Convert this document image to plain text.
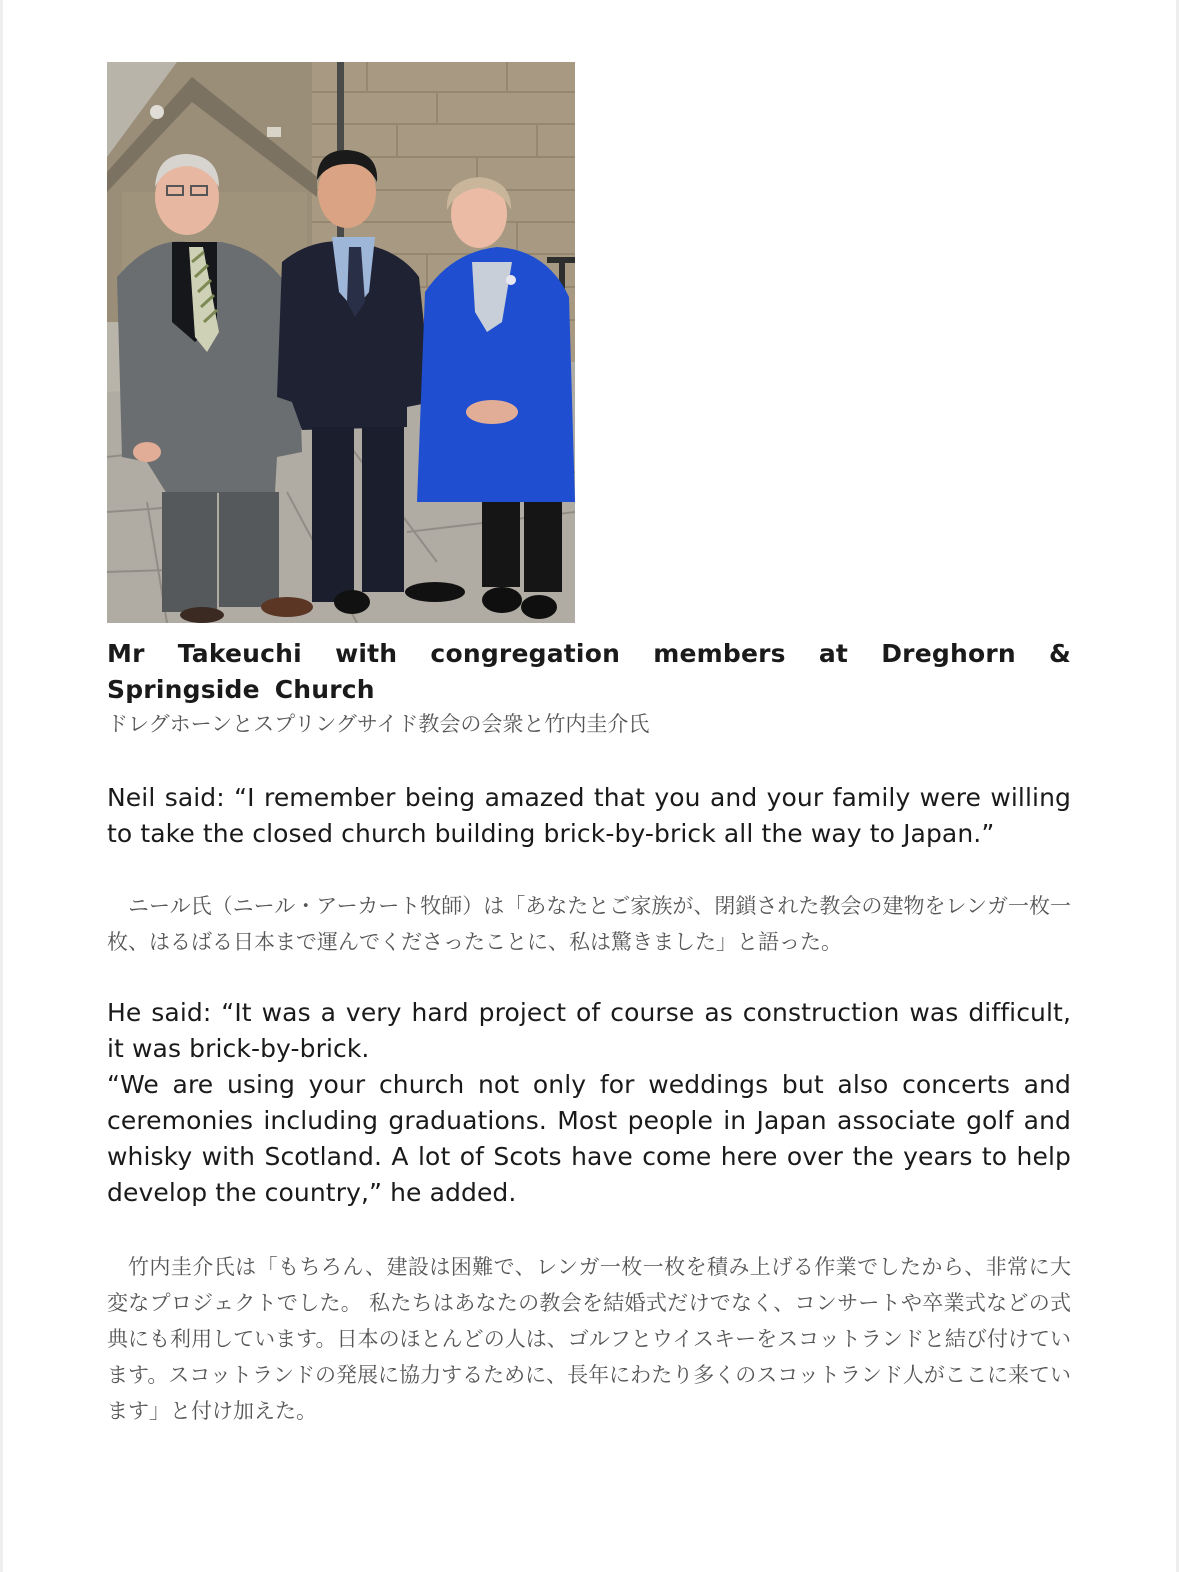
Mr Takeuchi with congregation members at Dreghorn & Springside Church
ドレグホーンとスプリングサイド教会の会衆と竹内圭介氏

Neil said: “I remember being amazed that you and your family were willing to take the closed church building brick-by-brick all the way to Japan.”

ニール氏（ニール・アーカート牧師）は「あなたとご家族が、閉鎖された教会の建物をレンガ一枚一枚、はるばる日本まで運んでくださったことに、私は驚きました」と語った。

He said: “It was a very hard project of course as construction was difficult, it was brick-by-brick.

“We are using your church not only for weddings but also concerts and ceremonies including graduations. Most people in Japan associate golf and whisky with Scotland. A lot of Scots have come here over the years to help develop the country,” he added.

竹内圭介氏は「もちろん、建設は困難で、レンガ一枚一枚を積み上げる作業でしたから、非常に大変なプロジェクトでした。 私たちはあなたの教会を結婚式だけでなく、コンサートや卒業式などの式典にも利用しています。日本のほとんどの人は、ゴルフとウイスキーをスコットランドと結び付けています。スコットランドの発展に協力するために、長年にわたり多くのスコットランド人がここに来ています」と付け加えた。
